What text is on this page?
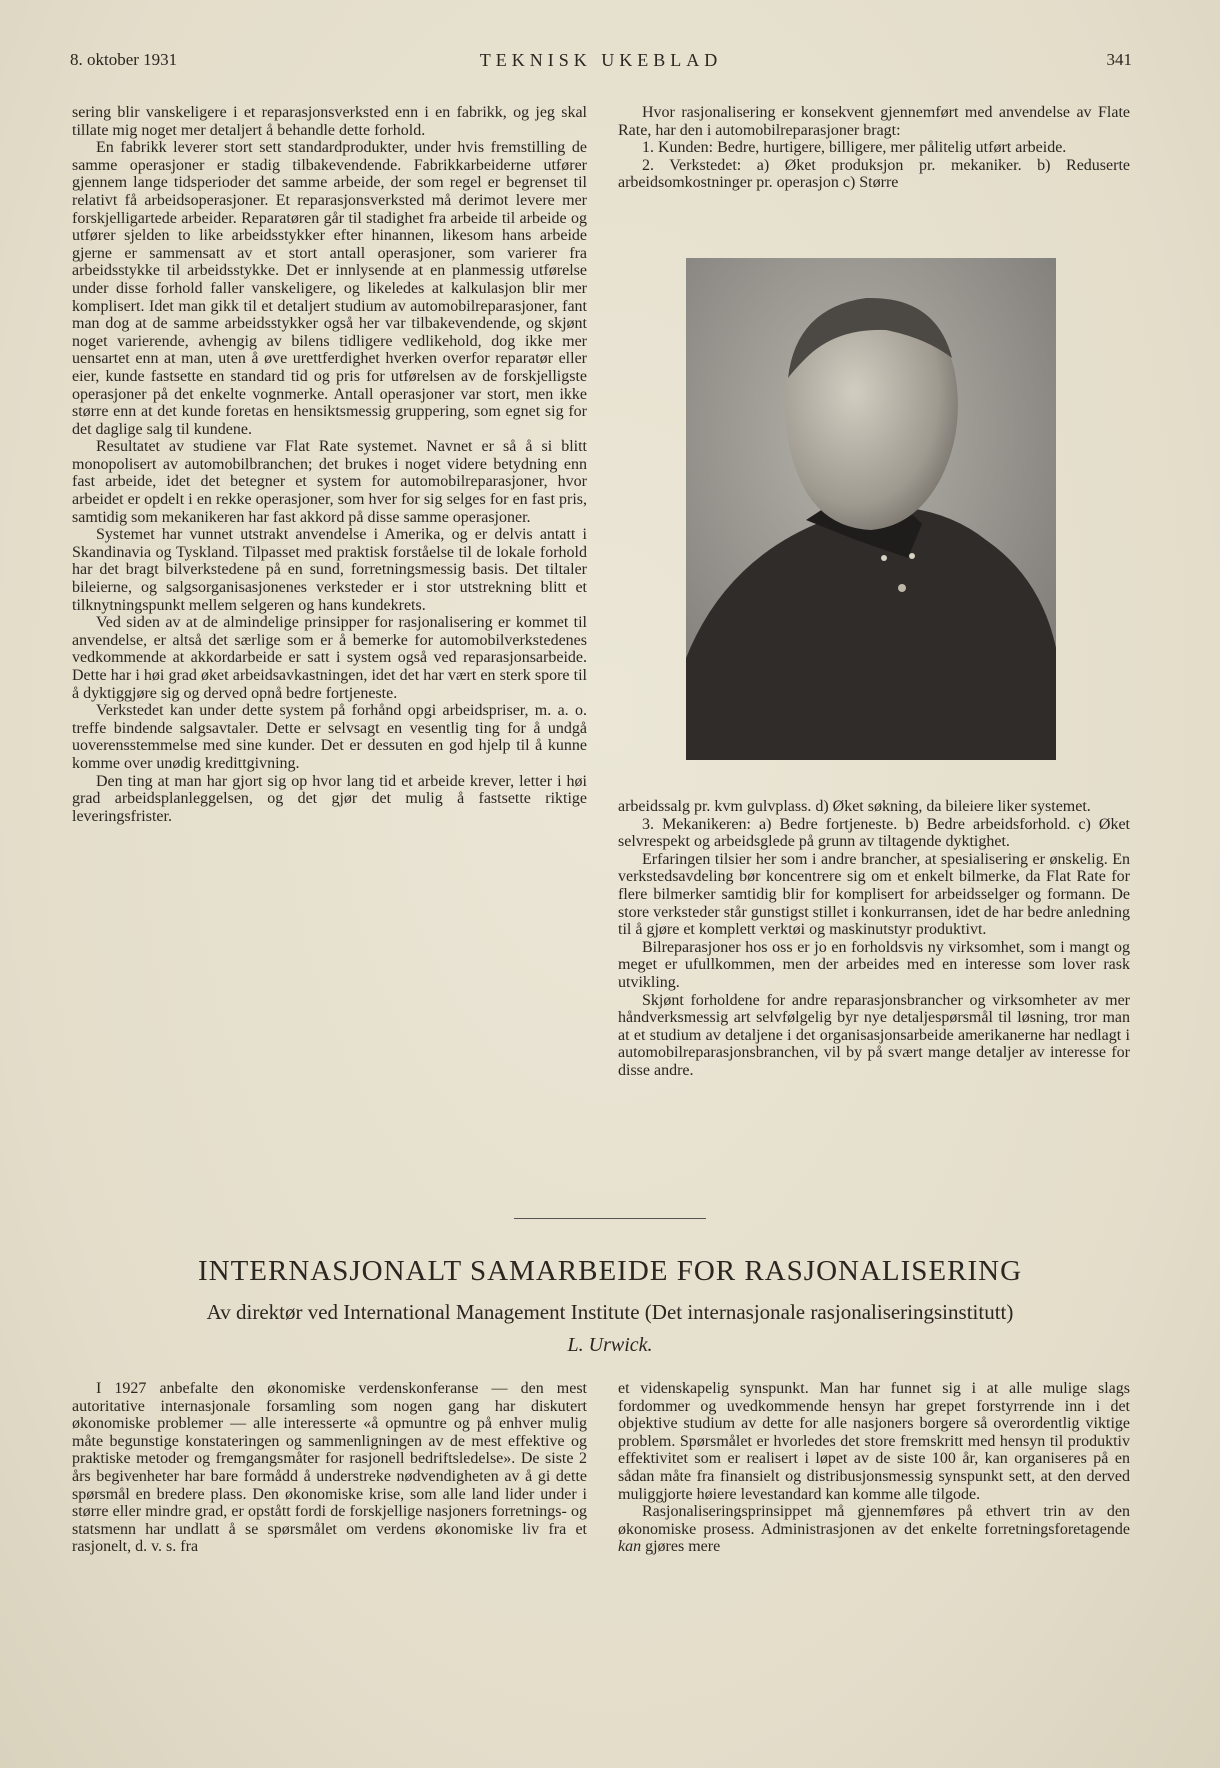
8. oktober 1931	TEKNISK UKEBLAD	341

sering blir vanskeligere i et reparasjonsverksted enn i en fabrikk, og jeg skal tillate mig noget mer detaljert å behandle dette forhold.

En fabrikk leverer stort sett standardprodukter, under hvis fremstilling de samme operasjoner er stadig tilbakevendende. Fabrikkarbeiderne utfører gjennem lange tidsperioder det samme arbeide, der som regel er begrenset til relativt få arbeidsoperasjoner. Et reparasjonsverksted må derimot levere mer forskjelligartede arbeider. Reparatøren går til stadighet fra arbeide til arbeide og utfører sjelden to like arbeidsstykker efter hinannen, likesom hans arbeide gjerne er sammensatt av et stort antall operasjoner, som varierer fra arbeidsstykke til arbeidsstykke. Det er innlysende at en planmessig utførelse under disse forhold faller vanskeligere, og likeledes at kalkulasjon blir mer komplisert. Idet man gikk til et detaljert studium av automobilreparasjoner, fant man dog at de samme arbeidsstykker også her var tilbakevendende, og skjønt noget varierende, avhengig av bilens tidligere vedlikehold, dog ikke mer uensartet enn at man, uten å øve urettferdighet hverken overfor reparatør eller eier, kunde fastsette en standard tid og pris for utførelsen av de forskjelligste operasjoner på det enkelte vognmerke. Antall operasjoner var stort, men ikke større enn at det kunde foretas en hensiktsmessig gruppering, som egnet sig for det daglige salg til kundene.

Resultatet av studiene var Flat Rate systemet. Navnet er så å si blitt monopolisert av automobilbranchen; det brukes i noget videre betydning enn fast arbeide, idet det betegner et system for automobilreparasjoner, hvor arbeidet er opdelt i en rekke operasjoner, som hver for sig selges for en fast pris, samtidig som mekanikeren har fast akkord på disse samme operasjoner.

Systemet har vunnet utstrakt anvendelse i Amerika, og er delvis antatt i Skandinavia og Tyskland. Tilpasset med praktisk forståelse til de lokale forhold har det bragt bilverkstedene på en sund, forretningsmessig basis. Det tiltaler bileierne, og salgsorganisasjonenes verksteder er i stor utstrekning blitt et tilknytningspunkt mellem selgeren og hans kundekrets.

Ved siden av at de almindelige prinsipper for rasjonalisering er kommet til anvendelse, er altså det særlige som er å bemerke for automobilverkstedenes vedkommende at akkordarbeide er satt i system også ved reparasjonsarbeide. Dette har i høi grad øket arbeidsavkastningen, idet det har vært en sterk spore til å dyktiggjøre sig og derved opnå bedre fortjeneste.

Verkstedet kan under dette system på forhånd opgi arbeidspriser, m. a. o. treffe bindende salgsavtaler. Dette er selvsagt en vesentlig ting for å undgå uoverensstemmelse med sine kunder. Det er dessuten en god hjelp til å kunne komme over unødig kredittgivning.

Den ting at man har gjort sig op hvor lang tid et arbeide krever, letter i høi grad arbeidsplanleggelsen, og det gjør det mulig å fastsette riktige leveringsfrister.

Hvor rasjonalisering er konsekvent gjennemført med anvendelse av Flate Rate, har den i automobilreparasjoner bragt:

1. Kunden: Bedre, hurtigere, billigere, mer pålitelig utført arbeide.

2. Verkstedet: a) Øket produksjon pr. mekaniker. b) Reduserte arbeidsomkostninger pr. operasjon c) Større

arbeidssalg pr. kvm gulvplass. d) Øket søkning, da bileiere liker systemet.

3. Mekanikeren: a) Bedre fortjeneste. b) Bedre arbeidsforhold. c) Øket selvrespekt og arbeidsglede på grunn av tiltagende dyktighet.

Erfaringen tilsier her som i andre brancher, at spesialisering er ønskelig. En verkstedsavdeling bør koncentrere sig om et enkelt bilmerke, da Flat Rate for flere bilmerker samtidig blir for komplisert for arbeidsselger og formann. De store verksteder står gunstigst stillet i konkurransen, idet de har bedre anledning til å gjøre et komplett verktøi og maskinutstyr produktivt.

Bilreparasjoner hos oss er jo en forholdsvis ny virksomhet, som i mangt og meget er ufullkommen, men der arbeides med en interesse som lover rask utvikling.

Skjønt forholdene for andre reparasjonsbrancher og virksomheter av mer håndverksmessig art selvfølgelig byr nye detaljespørsmål til løsning, tror man at et studium av detaljene i det organisasjonsarbeide amerikanerne har nedlagt i automobilreparasjonsbranchen, vil by på svært mange detaljer av interesse for disse andre.

INTERNASJONALT SAMARBEIDE FOR RASJONALISERING
Av direktør ved International Management Institute (Det internasjonale rasjonaliseringsinstitutt)
L. Urwick.

I 1927 anbefalte den økonomiske verdenskonferanse — den mest autoritative internasjonale forsamling som nogen gang har diskutert økonomiske problemer — alle interesserte «å opmuntre og på enhver mulig måte begunstige konstateringen og sammenligningen av de mest effektive og praktiske metoder og fremgangsmåter for rasjonell bedriftsledelse». De siste 2 års begivenheter har bare formådd å understreke nødvendigheten av å gi dette spørsmål en bredere plass. Den økonomiske krise, som alle land lider under i større eller mindre grad, er opstått fordi de forskjellige nasjoners forretnings- og statsmenn har undlatt å se spørsmålet om verdens økonomiske liv fra et rasjonelt, d. v. s. fra

et videnskapelig synspunkt. Man har funnet sig i at alle mulige slags fordommer og uvedkommende hensyn har grepet forstyrrende inn i det objektive studium av dette for alle nasjoners borgere så overordentlig viktige problem. Spørsmålet er hvorledes det store fremskritt med hensyn til produktiv effektivitet som er realisert i løpet av de siste 100 år, kan organiseres på en sådan måte fra finansielt og distribusjonsmessig synspunkt sett, at den derved muliggjorte høiere levestandard kan komme alle tilgode.

Rasjonaliseringsprinsippet må gjennemføres på ethvert trin av den økonomiske prosess. Administrasjonen av det enkelte forretningsforetagende kan gjøres mere
